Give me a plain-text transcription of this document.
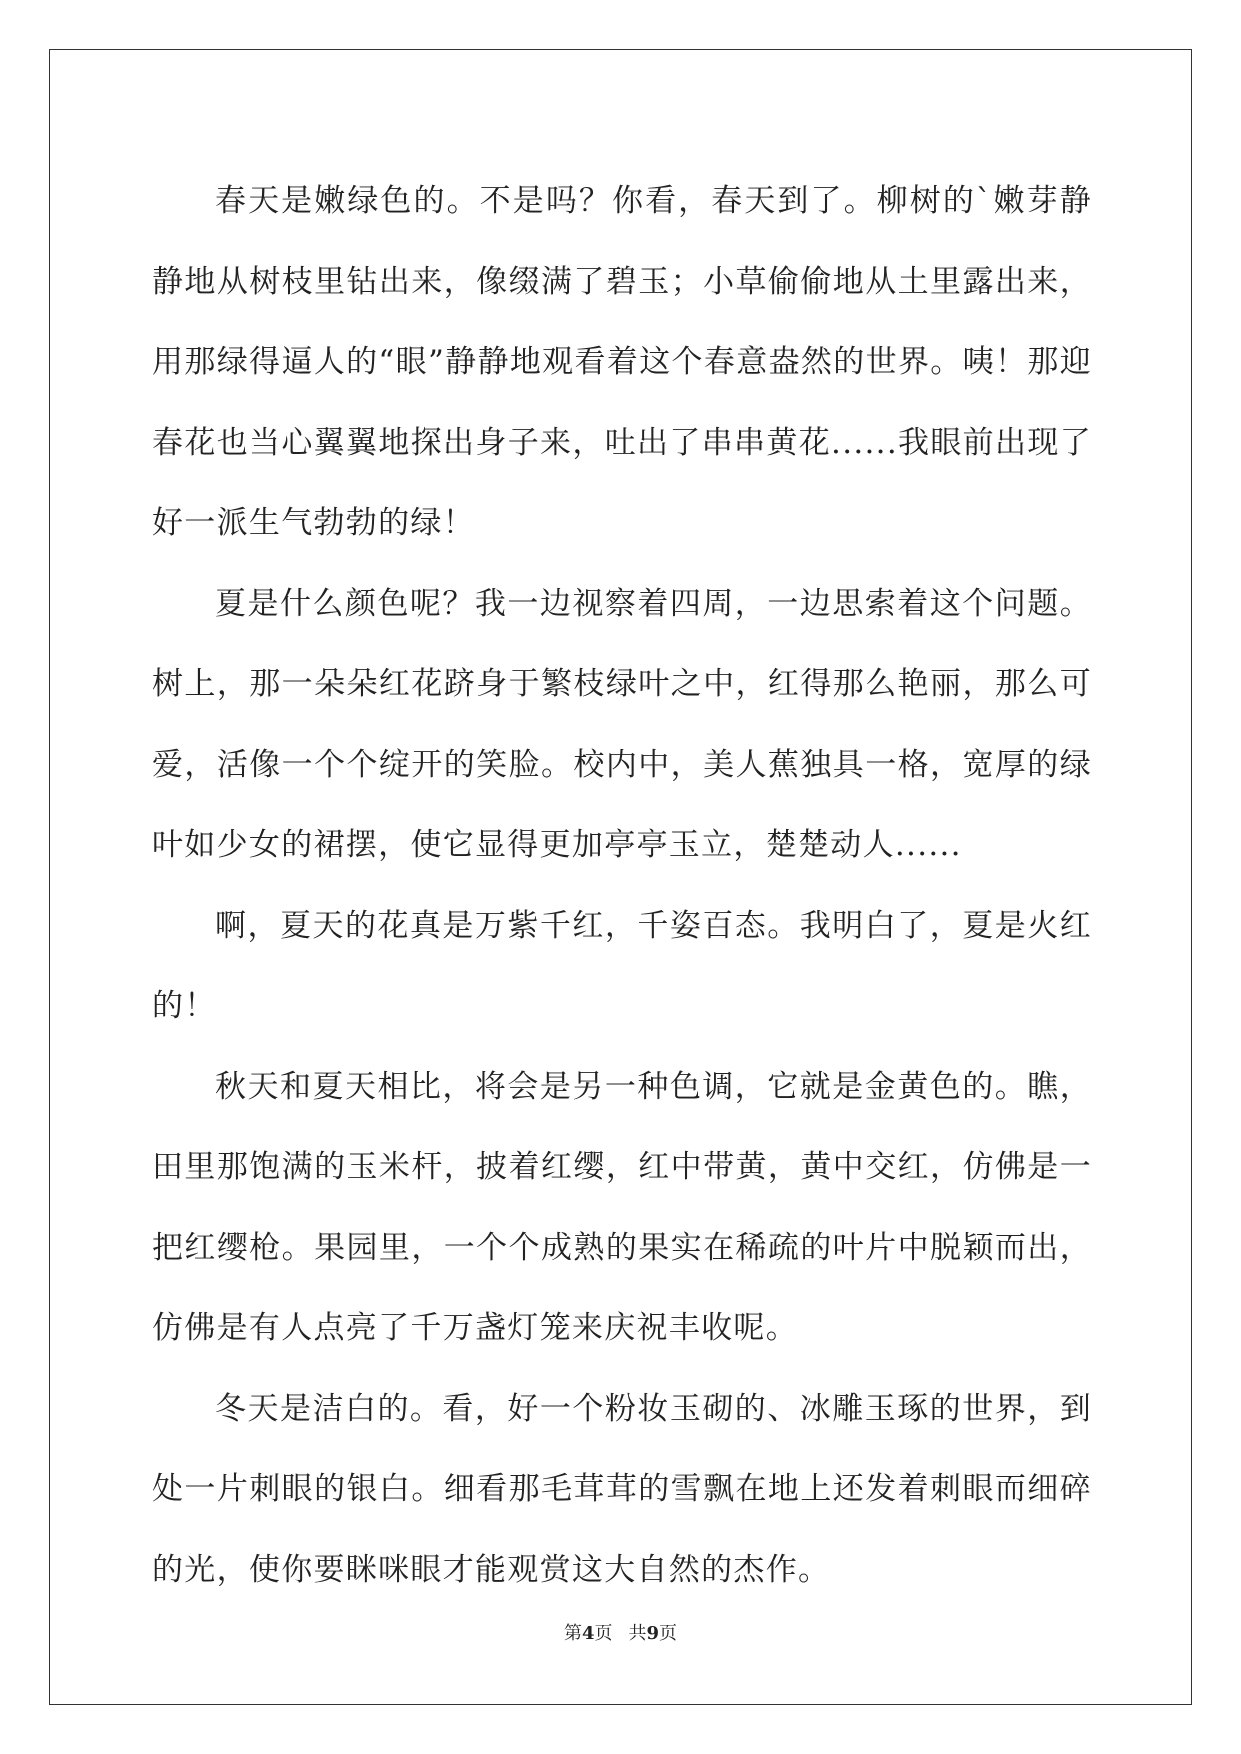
春天是嫩绿色的。不是吗？你看，春天到了。柳树的`嫩芽静静地从树枝里钻出来，像缀满了碧玉；小草偷偷地从土里露出来，用那绿得逼人的“眼”静静地观看着这个春意盎然的世界。咦！那迎春花也当心翼翼地探出身子来，吐出了串串黄花......我眼前出现了好一派生气勃勃的绿！

夏是什么颜色呢？我一边视察着四周，一边思索着这个问题。树上，那一朵朵红花跻身于繁枝绿叶之中，红得那么艳丽，那么可爱，活像一个个绽开的笑脸。校内中，美人蕉独具一格，宽厚的绿叶如少女的裙摆，使它显得更加亭亭玉立，楚楚动人......

啊，夏天的花真是万紫千红，千姿百态。我明白了，夏是火红的！

秋天和夏天相比，将会是另一种色调，它就是金黄色的。瞧，田里那饱满的玉米杆，披着红缨，红中带黄，黄中交红，仿佛是一把红缨枪。果园里，一个个成熟的果实在稀疏的叶片中脱颖而出，仿佛是有人点亮了千万盏灯笼来庆祝丰收呢。

冬天是洁白的。看，好一个粉妆玉砌的、冰雕玉琢的世界，到处一片刺眼的银白。细看那毛茸茸的雪飘在地上还发着刺眼而细碎的光，使你要眯咪眼才能观赏这大自然的杰作。

第4页 共9页
